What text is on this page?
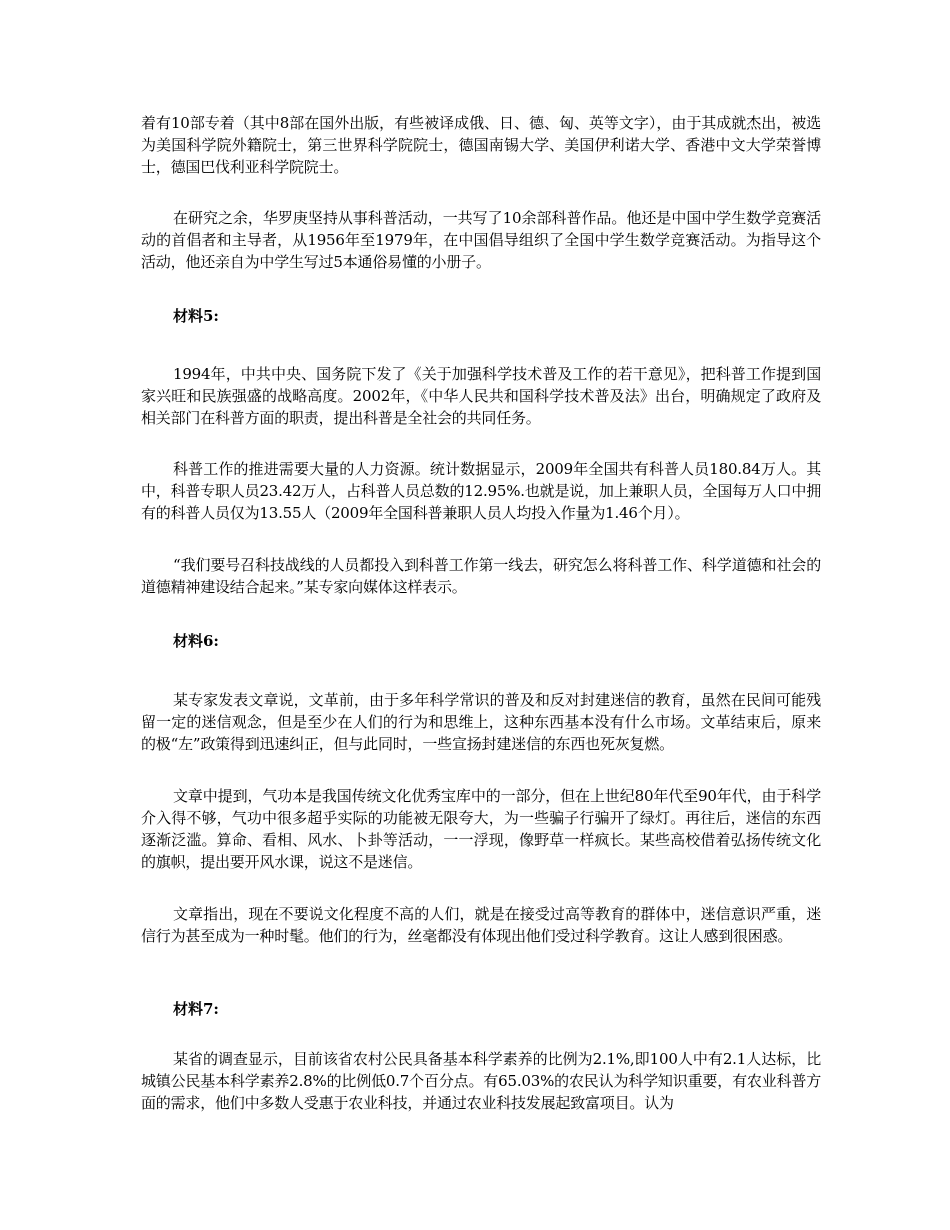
着有10部专着（其中8部在国外出版，有些被译成俄、日、德、匈、英等文字），由于其成就杰出，被选为美国科学院外籍院士，第三世界科学院院士，德国南锡大学、美国伊利诺大学、香港中文大学荣誉博士，德国巴伐利亚科学院院士。
在研究之余，华罗庚坚持从事科普活动，一共写了10余部科普作品。他还是中国中学生数学竞赛活动的首倡者和主导者，从1956年至1979年，在中国倡导组织了全国中学生数学竞赛活动。为指导这个活动，他还亲自为中学生写过5本通俗易懂的小册子。
材料5:
1994年，中共中央、国务院下发了《关于加强科学技术普及工作的若干意见》，把科普工作提到国家兴旺和民族强盛的战略高度。2002年，《中华人民共和国科学技术普及法》出台，明确规定了政府及相关部门在科普方面的职责，提出科普是全社会的共同任务。
科普工作的推进需要大量的人力资源。统计数据显示，2009年全国共有科普人员180.84万人。其中，科普专职人员23.42万人，占科普人员总数的12.95%.也就是说，加上兼职人员，全国每万人口中拥有的科普人员仅为13.55人（2009年全国科普兼职人员人均投入作量为1.46个月）。
“我们要号召科技战线的人员都投入到科普工作第一线去，研究怎么将科普工作、科学道德和社会的道德精神建设结合起来。”某专家向媒体这样表示。
材料6:
某专家发表文章说，文革前，由于多年科学常识的普及和反对封建迷信的教育，虽然在民间可能残留一定的迷信观念，但是至少在人们的行为和思维上，这种东西基本没有什么市场。文革结束后，原来的极“左”政策得到迅速纠正，但与此同时，一些宣扬封建迷信的东西也死灰复燃。
文章中提到，气功本是我国传统文化优秀宝库中的一部分，但在上世纪80年代至90年代，由于科学介入得不够，气功中很多超乎实际的功能被无限夸大，为一些骗子行骗开了绿灯。再往后，迷信的东西逐渐泛滥。算命、看相、风水、卜卦等活动，一一浮现，像野草一样疯长。某些高校借着弘扬传统文化的旗帜，提出要开风水课，说这不是迷信。
文章指出，现在不要说文化程度不高的人们，就是在接受过高等教育的群体中，迷信意识严重，迷信行为甚至成为一种时髦。他们的行为，丝毫都没有体现出他们受过科学教育。这让人感到很困惑。
材料7:
某省的调查显示，目前该省农村公民具备基本科学素养的比例为2.1%,即100人中有2.1人达标，比城镇公民基本科学素养2.8%的比例低0.7个百分点。有65.03%的农民认为科学知识重要，有农业科普方面的需求，他们中多数人受惠于农业科技，并通过农业科技发展起致富项目。认为
